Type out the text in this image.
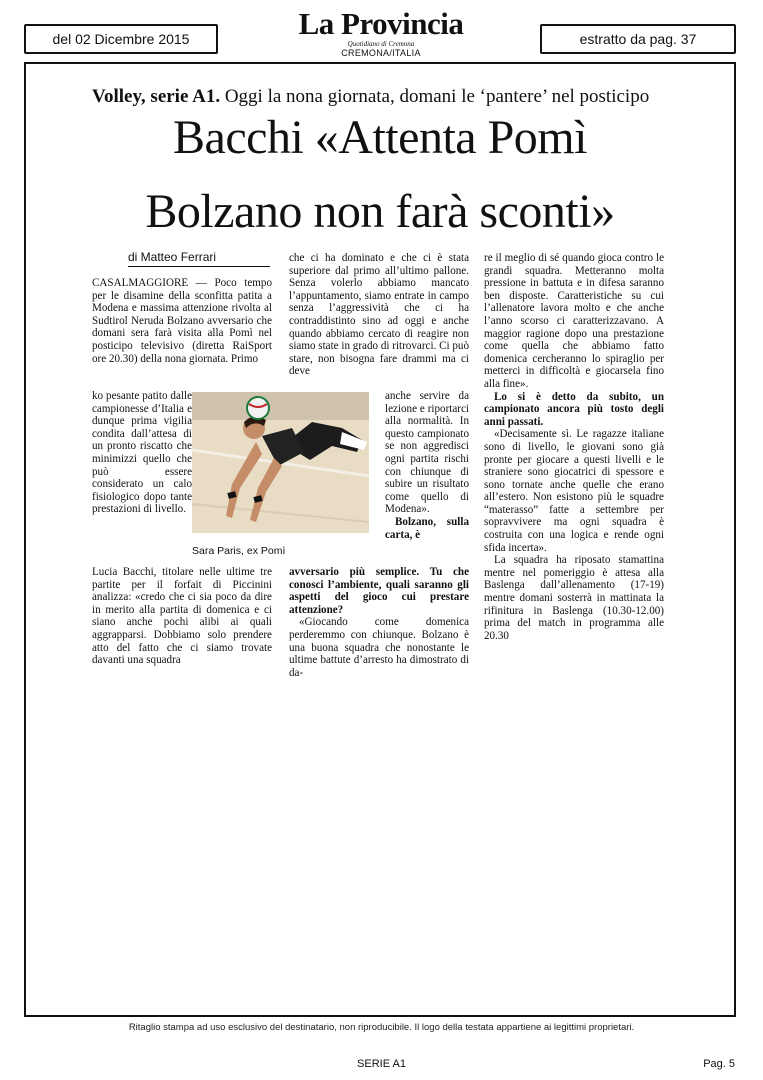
del 02 Dicembre 2015	La Provincia
Quotidiano di Cremona
CREMONA/ITALIA
estratto da pag. 37
Volley, serie A1. Oggi la nona giornata, domani le ‘pantere’ nel posticipo
Bacchi «Attenta Pomì
Bolzano non farà sconti»
di Matteo Ferrari
CASALMAGGIORE — Poco tempo per le disamine della sconfitta patita a Modena e massima attenzione rivolta al Sudtirol Neruda Bolzano avversario che domani sera farà visita alla Pomì nel posticipo televisivo (diretta RaiSport ore 20.30) della nona giornata. Primo
ko pesante patito dalle campionesse d’Italia e dunque prima vigilia condita dall’attesa di un pronto riscatto che minimizzi quello che può essere considerato un calo fisiologico dopo tante prestazioni di livello.
Lucia Bacchi, titolare nelle ultime tre partite per il forfait di Piccinini analizza: «credo che ci sia poco da dire in merito alla partita di domenica e ci siano anche pochi alibi ai quali aggrapparsi. Dobbiamo solo prendere atto del fatto che ci siamo trovate davanti una squadra
che ci ha dominato e che ci è stata superiore dal primo all’ultimo pallone. Senza volerlo abbiamo mancato l’appuntamento, siamo entrate in campo senza l’aggressività che ci ha contraddistinto sino ad oggi e anche quando abbiamo cercato di reagire non siamo state in grado di ritrovarci. Ci può stare, non bisogna fare drammi ma ci deve

anche servire da lezione e riportarci alla normalità. In questo campionato se non aggredisci ogni partita rischi con chiunque di subire un risultato come quello di Modena».

Bolzano, sulla carta, è

avversario più semplice. Tu che conosci l’ambiente, quali saranno gli aspetti del gioco cui prestare attenzione?

«Giocando come domenica perderemmo con chiunque. Bolzano è una buona squadra che nonostante le ultime battute d’arresto ha dimostrato di da-

re il meglio di sé quando gioca contro le grandi squadra. Metteranno molta pressione in battuta e in difesa saranno ben disposte. Caratteristiche su cui l’allenatore lavora molto e che anche l’anno scorso ci caratterizzavano. A maggior ragione dopo una prestazione come quella che abbiamo fatto domenica cercheranno lo spiraglio per metterci in difficoltà e giocarsela fino alla fine».

Lo si è detto da subito, un campionato ancora più tosto degli anni passati.

«Decisamente sì. Le ragazze italiane sono di livello, le giovani sono già pronte per giocare a questi livelli e le straniere sono giocatrici di spessore e sono tornate anche quelle che erano all’estero. Non esistono più le squadre “materasso” fatte a settembre per sopravvivere ma ogni squadra è costruita con una logica e rende ogni sfida incerta».

La squadra ha riposato stamattina mentre nel pomeriggio è attesa alla Baslenga dall’allenamento (17-19) mentre domani sosterrà in mattinata la rifinitura in Baslenga (10.30-12.00) prima del match in programma alle 20.30

Sara Paris, ex Pomì
Ritaglio stampa ad uso esclusivo del destinatario, non riproducibile. Il logo della testata appartiene ai legittimi proprietari.
SERIE A1	Pag. 5
